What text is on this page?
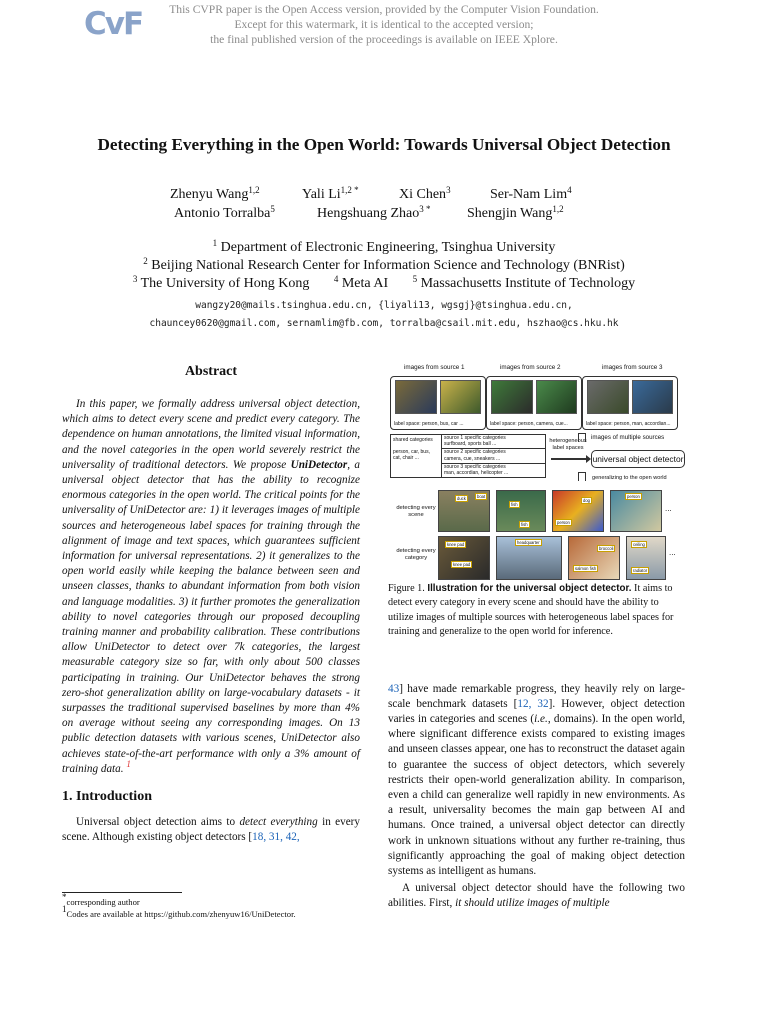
CvF	This CVPR paper is the Open Access version, provided by the Computer Vision Foundation.
Except for this watermark, it is identical to the accepted version;
the final published version of the proceedings is available on IEEE Xplore.
Detecting Everything in the Open World: Towards Universal Object Detection
Zhenyu Wang$^{1,2}$	Yali $Li^{1,2 *}$	Xi Chen$^3$	Ser-Nam Lim$^4$
Antonio Torralba$^5$	Hengshuang Zhao$^{3 *}$	Shengjin Wang$^{1,2}$
$^1$ Department of Electronic Engineering, Tsinghua University
$^2$ Beijing National Research Center for Information Science and Technology (BNRist)
$^3$ The University of Hong Kong	$^4$ Meta AI	$^5$ Massachusetts Institute of Technology
wangzy20@mails.tsinghua.edu.cn, {liyali13, wgsgj}@tsinghua.edu.cn,
chauncey0620@gmail.com, sernamlim@fb.com, torralba@csail.mit.edu, hszhao@cs.hku.hk
Abstract

In this paper, we formally address universal object detection, which aims to detect every scene and predict every category. The dependence on human annotations, the limited visual information, and the novel categories in the open world severely restrict the universality of traditional detectors. We propose UniDetector, a universal object detector that has the ability to recognize enormous categories in the open world. The critical points for the universality of UniDetector are: 1) it leverages images of multiple sources and heterogeneous label spaces for training through the alignment of image and text spaces, which guarantees sufficient information for universal representations. 2) it generalizes to the open world easily while keeping the balance between seen and unseen classes, thanks to abundant information from both vision and language modalities. 3) it further promotes the generalization ability to novel categories through our proposed decoupling training manner and probability calibration. These contributions allow UniDetector to detect over 7k categories, the largest measurable category size so far, with only about 500 classes participating in training. Our UniDetector behaves the strong zero-shot generalization ability on large-vocabulary datasets - it surpasses the traditional supervised baselines by more than 4% on average without seeing any corresponding images. On 13 public detection datasets with various scenes, UniDetector also achieves state-of-the-art performance with only a 3% amount of training data. $^1$

1. Introduction

Universal object detection aims to detect everything in every scene. Although existing object detectors [18, 31, 42,

*corresponding author
$^1$Codes are available at https://github.com/zhenyuw16/UniDetector.
images from source 1	images from source 2	images from source 3
label space: person, bus, car ...	label space: person, camera, cue...	label space: person, man, accordian...
shared categories
person, car, bus, cat, chair ...
source 1 specific categories
surfboard, sports ball ...
source 2 specific categories
camera, cue, sneakers ...
source 3 specific categories
man, accordian, helicopter ...
heterogeneous label spaces
images of multiple sources
universal object detector
generalizing to the open world
detecting every scene
duck	boat
fish
fish
dog
person
person
...
detecting every category
knee pad
knee pad
headquarter
broccoli
salmon fish
ceiling
radiator
...

Figure 1. Illustration for the universal object detector. It aims to detect every category in every scene and should have the ability to utilize images of multiple sources with heterogeneous label spaces for training and generalize to the open world for inference.

43] have made remarkable progress, they heavily rely on large-scale benchmark datasets [12, 32]. However, object detection varies in categories and scenes (i.e., domains). In the open world, where significant difference exists compared to existing images and unseen classes appear, one has to reconstruct the dataset again to guarantee the success of object detectors, which severely restricts their open-world generalization ability. In comparison, even a child can generalize well rapidly in new environments. As a result, universality becomes the main gap between AI and humans. Once trained, a universal object detector can directly work in unknown situations without any further re-training, thus significantly approaching the goal of making object detection systems as intelligent as humans.

A universal object detector should have the following two abilities. First, it should utilize images of multiple
